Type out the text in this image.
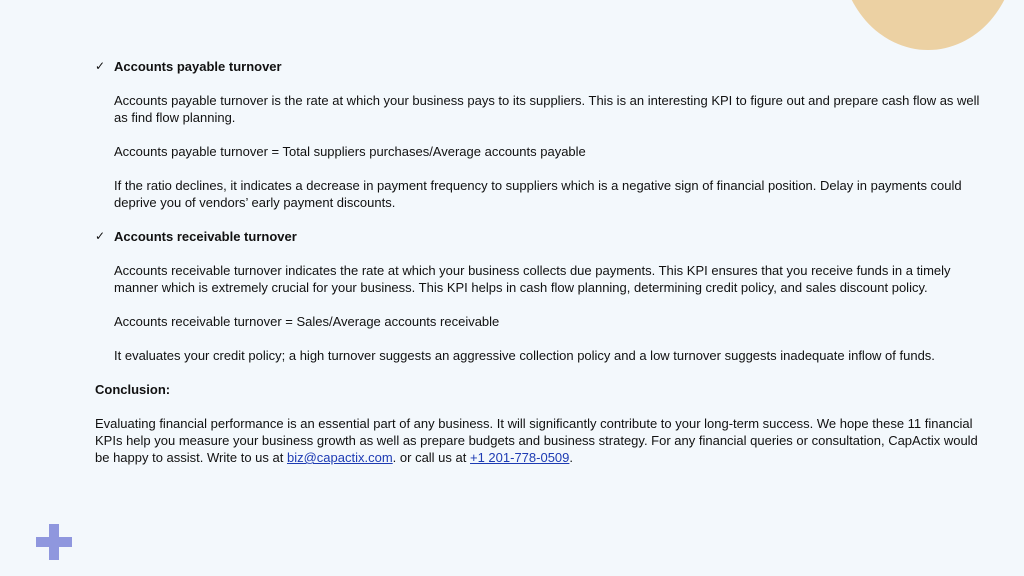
✓ Accounts payable turnover

Accounts payable turnover is the rate at which your business pays to its suppliers. This is an interesting KPI to figure out and prepare cash flow as well as find flow planning.

Accounts payable turnover = Total suppliers purchases/Average accounts payable

If the ratio declines, it indicates a decrease in payment frequency to suppliers which is a negative sign of financial position. Delay in payments could deprive you of vendors’ early payment discounts.

✓ Accounts receivable turnover

Accounts receivable turnover indicates the rate at which your business collects due payments. This KPI ensures that you receive funds in a timely manner which is extremely crucial for your business. This KPI helps in cash flow planning, determining credit policy, and sales discount policy.

Accounts receivable turnover = Sales/Average accounts receivable

It evaluates your credit policy; a high turnover suggests an aggressive collection policy and a low turnover suggests inadequate inflow of funds.

Conclusion:

Evaluating financial performance is an essential part of any business. It will significantly contribute to your long-term success. We hope these 11 financial KPIs help you measure your business growth as well as prepare budgets and business strategy. For any financial queries or consultation, CapActix would be happy to assist. Write to us at biz@capactix.com. or call us at +1 201-778-0509.
